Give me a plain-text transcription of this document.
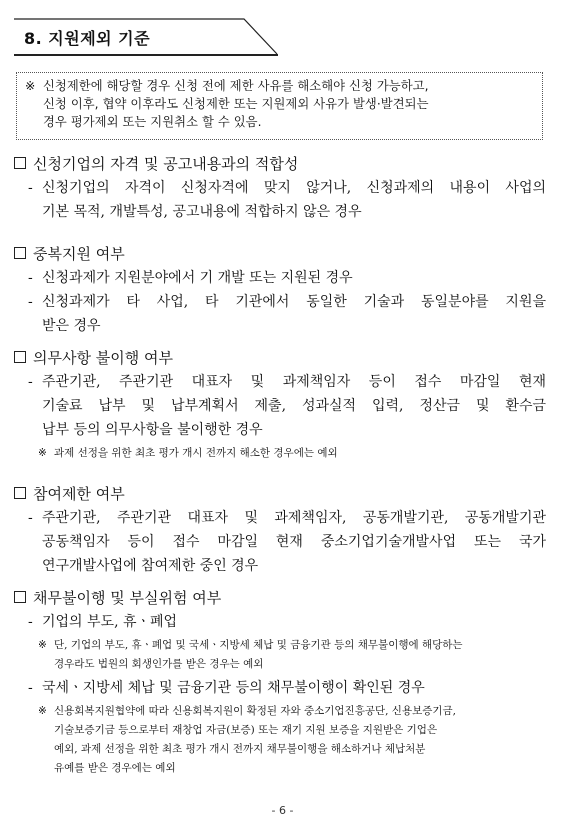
8. 지원제외 기준
※ 신청제한에 해당할 경우 신청 전에 제한 사유를 해소해야 신청 가능하고,
신청 이후, 협약 이후라도 신청제한 또는 지원제외 사유가 발생·발견되는
경우 평가제외 또는 지원취소 할 수 있음.
신청기업의 자격 및 공고내용과의 적합성
- 신청기업의 자격이 신청자격에 맞지 않거나, 신청과제의 내용이 사업의
기본 목적, 개발특성, 공고내용에 적합하지 않은 경우
중복지원 여부
- 신청과제가 지원분야에서 기 개발 또는 지원된 경우
- 신청과제가 타 사업, 타 기관에서 동일한 기술과 동일분야를 지원을
받은 경우
의무사항 불이행 여부
- 주관기관, 주관기관 대표자 및 과제책임자 등이 접수 마감일 현재
기술료 납부 및 납부계획서 제출, 성과실적 입력, 정산금 및 환수금
납부 등의 의무사항을 불이행한 경우
※ 과제 선정을 위한 최초 평가 개시 전까지 해소한 경우에는 예외
참여제한 여부
- 주관기관, 주관기관 대표자 및 과제책임자, 공동개발기관, 공동개발기관
공동책임자 등이 접수 마감일 현재 중소기업기술개발사업 또는 국가
연구개발사업에 참여제한 중인 경우
채무불이행 및 부실위험 여부
- 기업의 부도, 휴ㆍ폐업
※ 단, 기업의 부도, 휴ㆍ폐업 및 국세ㆍ지방세 체납 및 금융기관 등의 채무불이행에 해당하는
경우라도 법원의 회생인가를 받은 경우는 예외
- 국세ㆍ지방세 체납 및 금융기관 등의 채무불이행이 확인된 경우
※ 신용회복지원협약에 따라 신용회복지원이 확정된 자와 중소기업진흥공단, 신용보증기금,
기술보증기금 등으로부터 재창업 자금(보증) 또는 재기 지원 보증을 지원받은 기업은
예외, 과제 선정을 위한 최초 평가 개시 전까지 채무불이행을 해소하거나 체납처분
유예를 받은 경우에는 예외
- 6 -
